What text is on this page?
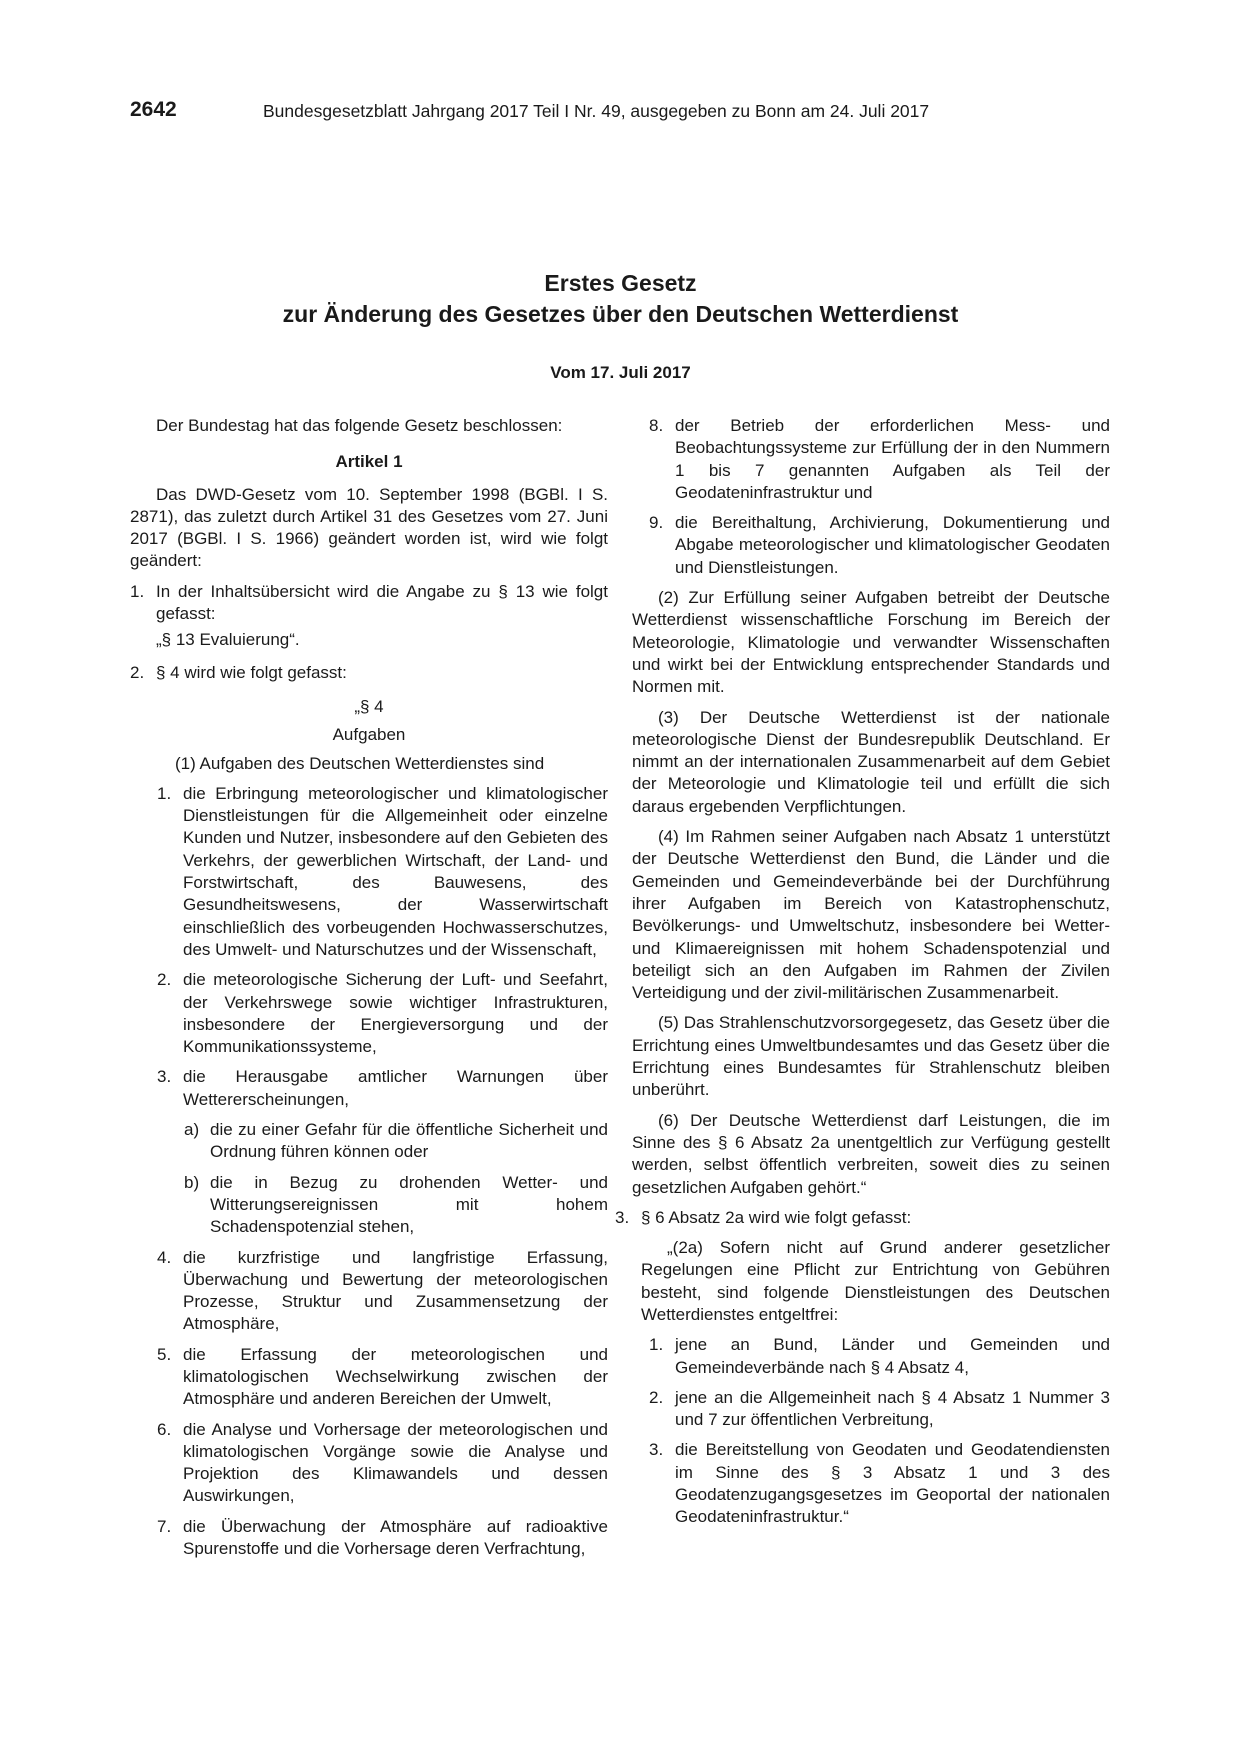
2642	Bundesgesetzblatt Jahrgang 2017 Teil I Nr. 49, ausgegeben zu Bonn am 24. Juli 2017
Erstes Gesetz
zur Änderung des Gesetzes über den Deutschen Wetterdienst
Vom 17. Juli 2017

Der Bundestag hat das folgende Gesetz beschlossen:

Artikel 1

Das DWD-Gesetz vom 10. September 1998 (BGBl. I S. 2871), das zuletzt durch Artikel 31 des Gesetzes vom 27. Juni 2017 (BGBl. I S. 1966) geändert worden ist, wird wie folgt geändert:

1. In der Inhaltsübersicht wird die Angabe zu § 13 wie folgt gefasst:
„§ 13 Evaluierung“.
2. § 4 wird wie folgt gefasst:
„§ 4
Aufgaben

(1) Aufgaben des Deutschen Wetterdienstes sind

1. die Erbringung meteorologischer und klimatologischer Dienstleistungen für die Allgemeinheit oder einzelne Kunden und Nutzer, insbesondere auf den Gebieten des Verkehrs, der gewerblichen Wirtschaft, der Land- und Forstwirtschaft, des Bauwesens, des Gesundheitswesens, der Wasserwirtschaft einschließlich des vorbeugenden Hochwasserschutzes, des Umwelt- und Naturschutzes und der Wissenschaft,
2. die meteorologische Sicherung der Luft- und Seefahrt, der Verkehrswege sowie wichtiger Infrastrukturen, insbesondere der Energieversorgung und der Kommunikationssysteme,
3. die Herausgabe amtlicher Warnungen über Wettererscheinungen,
a) die zu einer Gefahr für die öffentliche Sicherheit und Ordnung führen können oder
b) die in Bezug zu drohenden Wetter- und Witterungsereignissen mit hohem Schadenspotenzial stehen,
4. die kurzfristige und langfristige Erfassung, Überwachung und Bewertung der meteorologischen Prozesse, Struktur und Zusammensetzung der Atmosphäre,
5. die Erfassung der meteorologischen und klimatologischen Wechselwirkung zwischen der Atmosphäre und anderen Bereichen der Umwelt,
6. die Analyse und Vorhersage der meteorologischen und klimatologischen Vorgänge sowie die Analyse und Projektion des Klimawandels und dessen Auswirkungen,
7. die Überwachung der Atmosphäre auf radioaktive Spurenstoffe und die Vorhersage deren Verfrachtung,
8. der Betrieb der erforderlichen Mess- und Beobachtungssysteme zur Erfüllung der in den Nummern 1 bis 7 genannten Aufgaben als Teil der Geodateninfrastruktur und
9. die Bereithaltung, Archivierung, Dokumentierung und Abgabe meteorologischer und klimatologischer Geodaten und Dienstleistungen.

(2) Zur Erfüllung seiner Aufgaben betreibt der Deutsche Wetterdienst wissenschaftliche Forschung im Bereich der Meteorologie, Klimatologie und verwandter Wissenschaften und wirkt bei der Entwicklung entsprechender Standards und Normen mit.

(3) Der Deutsche Wetterdienst ist der nationale meteorologische Dienst der Bundesrepublik Deutschland. Er nimmt an der internationalen Zusammenarbeit auf dem Gebiet der Meteorologie und Klimatologie teil und erfüllt die sich daraus ergebenden Verpflichtungen.

(4) Im Rahmen seiner Aufgaben nach Absatz 1 unterstützt der Deutsche Wetterdienst den Bund, die Länder und die Gemeinden und Gemeindeverbände bei der Durchführung ihrer Aufgaben im Bereich von Katastrophenschutz, Bevölkerungs- und Umweltschutz, insbesondere bei Wetter- und Klimaereignissen mit hohem Schadenspotenzial und beteiligt sich an den Aufgaben im Rahmen der Zivilen Verteidigung und der zivil-militärischen Zusammenarbeit.

(5) Das Strahlenschutzvorsorgegesetz, das Gesetz über die Errichtung eines Umweltbundesamtes und das Gesetz über die Errichtung eines Bundesamtes für Strahlenschutz bleiben unberührt.

(6) Der Deutsche Wetterdienst darf Leistungen, die im Sinne des § 6 Absatz 2a unentgeltlich zur Verfügung gestellt werden, selbst öffentlich verbreiten, soweit dies zu seinen gesetzlichen Aufgaben gehört.“

3. § 6 Absatz 2a wird wie folgt gefasst:

„(2a) Sofern nicht auf Grund anderer gesetzlicher Regelungen eine Pflicht zur Entrichtung von Gebühren besteht, sind folgende Dienstleistungen des Deutschen Wetterdienstes entgeltfrei:

1. jene an Bund, Länder und Gemeinden und Gemeindeverbände nach § 4 Absatz 4,
2. jene an die Allgemeinheit nach § 4 Absatz 1 Nummer 3 und 7 zur öffentlichen Verbreitung,
3. die Bereitstellung von Geodaten und Geodatendiensten im Sinne des § 3 Absatz 1 und 3 des Geodatenzugangsgesetzes im Geoportal der nationalen Geodateninfrastruktur.“
